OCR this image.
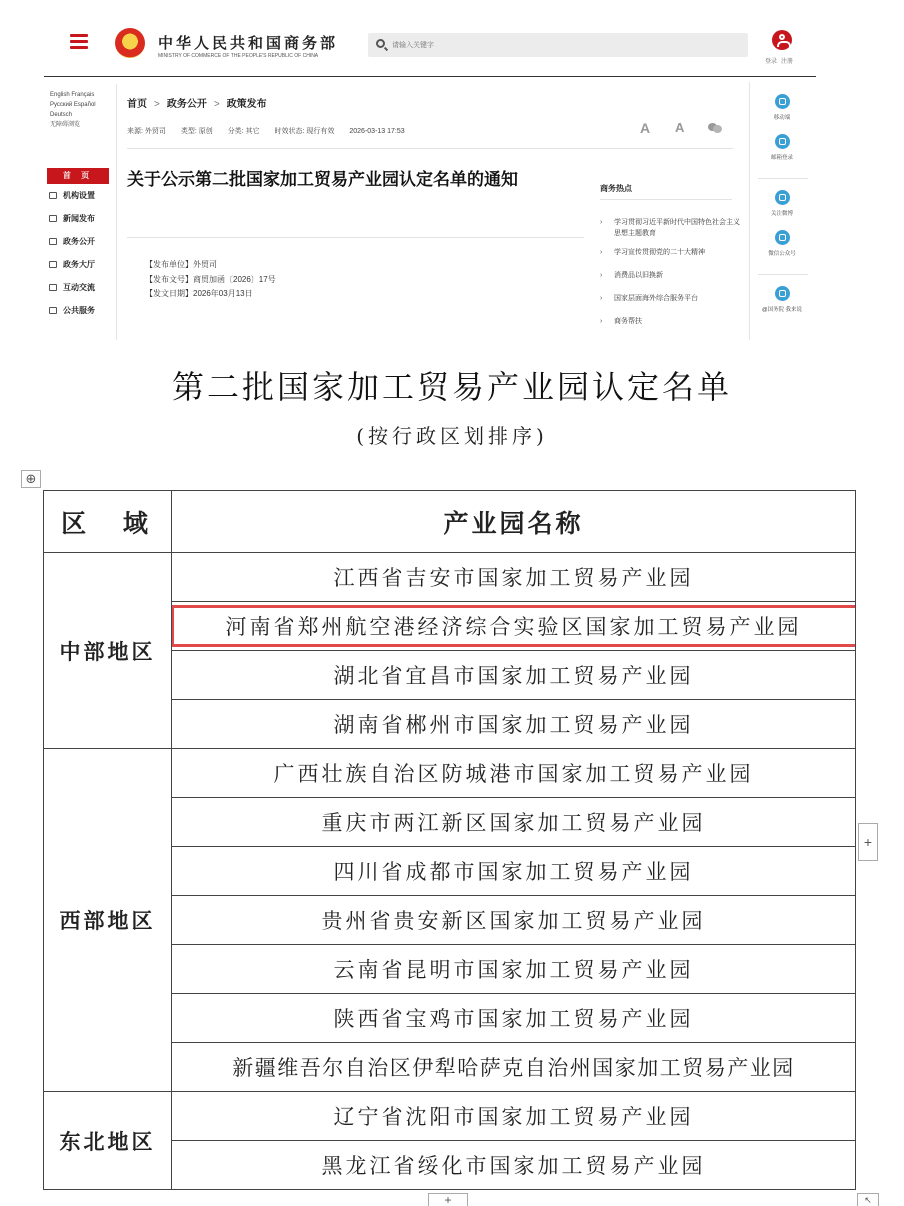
中华人民共和国商务部
MINISTRY OF COMMERCE OF THE PEOPLE'S REPUBLIC OF CHINA
请输入关键字
登录 注册
English Français
Русский Español
Deutsch
无障碍浏览
首 页
机构设置
新闻发布
政务公开
政务大厅
互动交流
公共服务
首页 > 政务公开 > 政策发布
来源: 外贸司 类型: 原创 分类: 其它 时效状态: 现行有效 2026-03-13 17:53	A A
关于公示第二批国家加工贸易产业园认定名单的通知
【发布单位】外贸司
【发布文号】商贸加函〔2026〕17号
【发文日期】2026年03月13日
商务热点
› 学习贯彻习近平新时代中国特色社会主义思想主题教育
› 学习宣传贯彻党的二十大精神
› 消费品以旧换新
› 国家层面海外综合服务平台
› 商务帮扶
移动端
邮箱登录
关注微博
微信公众号
@国务院 我来说
第二批国家加工贸易产业园认定名单
(按行政区划排序)
⊕
区 域	产业园名称
中部地区	江西省吉安市国家加工贸易产业园
	河南省郑州航空港经济综合实验区国家加工贸易产业园

	湖北省宜昌市国家加工贸易产业园
	湖南省郴州市国家加工贸易产业园
西部地区	广西壮族自治区防城港市国家加工贸易产业园
	重庆市两江新区国家加工贸易产业园
	四川省成都市国家加工贸易产业园
	贵州省贵安新区国家加工贸易产业园
	云南省昆明市国家加工贸易产业园
	陕西省宝鸡市国家加工贸易产业园
	新疆维吾尔自治区伊犁哈萨克自治州国家加工贸易产业园
东北地区	辽宁省沈阳市国家加工贸易产业园
	黑龙江省绥化市国家加工贸易产业园
+
+	↖
